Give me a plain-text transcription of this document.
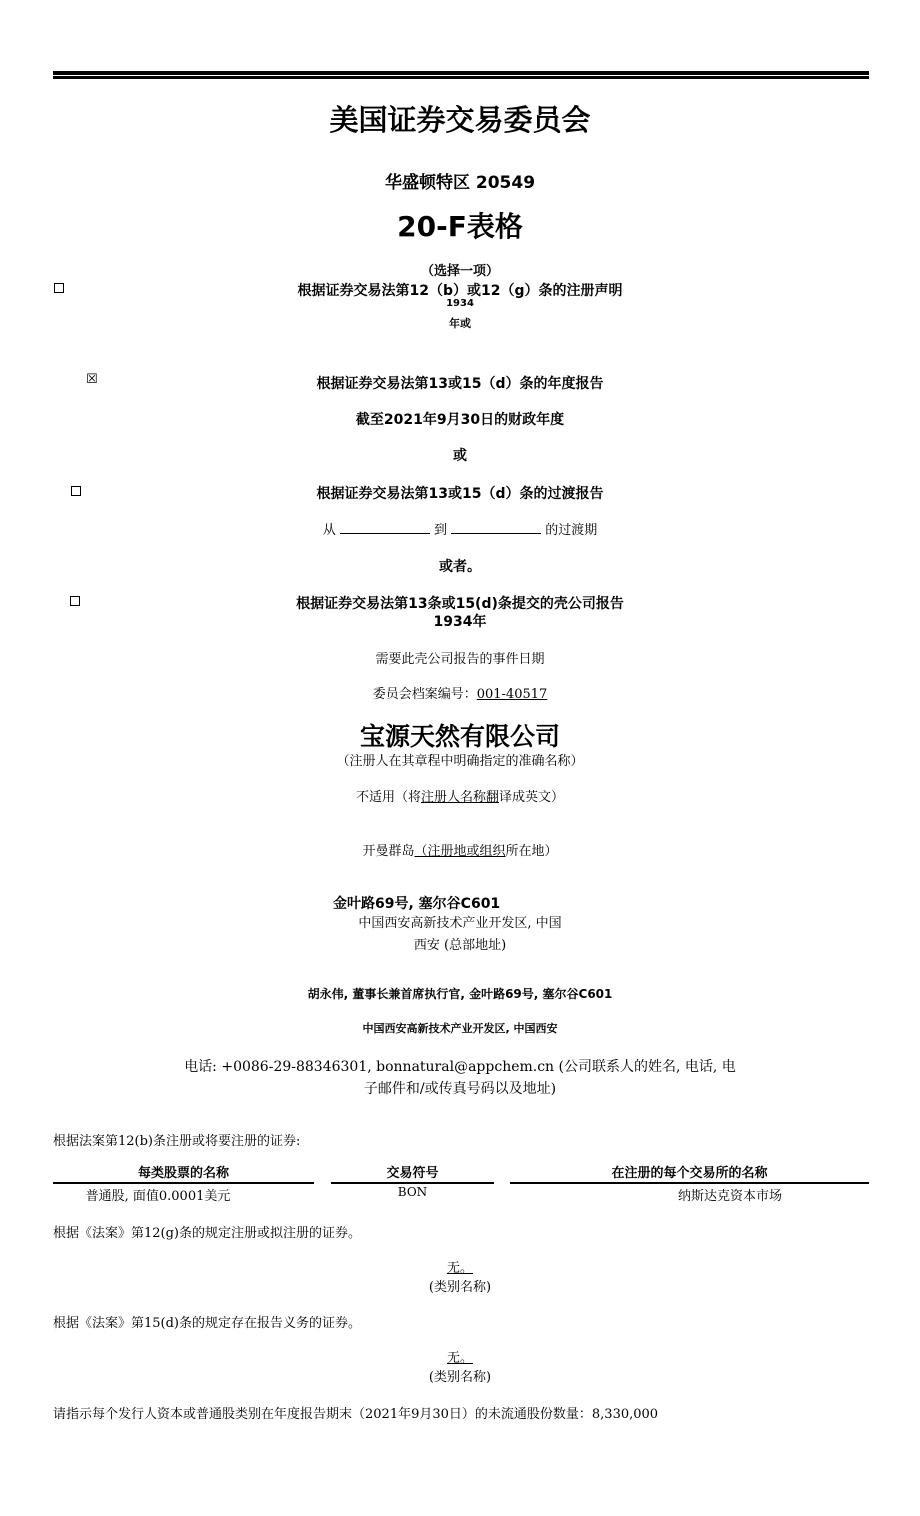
美国证券交易委员会
华盛顿特区 20549
20-F表格
（选择一项）
根据证券交易法第12（b）或12（g）条的注册声明
1934
年或
☒	根据证券交易法第13或15（d）条的年度报告
截至2021年9月30日的财政年度
或
根据证券交易法第13或15（d）条的过渡报告
从	到	的过渡期
或者。
根据证券交易法第13条或15(d)条提交的壳公司报告
1934年
需要此壳公司报告的事件日期
委员会档案编号：001-40517
宝源天然有限公司
（注册人在其章程中明确指定的准确名称）
不适用（将注册人名称翻译成英文）
开曼群岛（注册地或组织所在地）
金叶路69号, 塞尔谷C601
中国西安高新技术产业开发区, 中国
西安 (总部地址)
胡永伟, 董事长兼首席执行官, 金叶路69号, 塞尔谷C601
中国西安高新技术产业开发区, 中国西安
电话: +0086-29-88346301, bonnatural@appchem.cn (公司联系人的姓名, 电话, 电
子邮件和/或传真号码以及地址)
根据法案第12(b)条注册或将要注册的证券:
每类股票的名称	交易符号	在注册的每个交易所的名称
普通股, 面值0.0001美元	BON	纳斯达克资本市场
根据《法案》第12(g)条的规定注册或拟注册的证券。
无。
(类别名称)
根据《法案》第15(d)条的规定存在报告义务的证券。
无。
(类别名称)
请指示每个发行人资本或普通股类别在年度报告期末（2021年9月30日）的未流通股份数量：8,330,000
